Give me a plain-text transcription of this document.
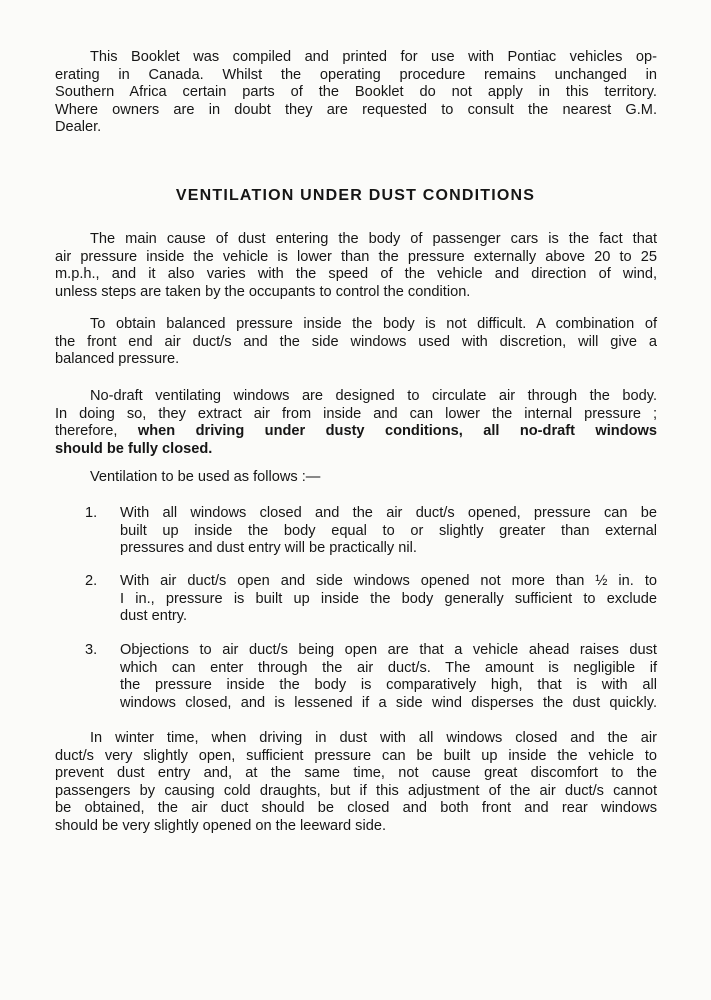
This Booklet was compiled and printed for use with Pontiac vehicles op-
erating in Canada. Whilst the operating procedure remains unchanged in
Southern Africa certain parts of the Booklet do not apply in this territory.
Where owners are in doubt they are requested to consult the nearest G.M.
Dealer.
VENTILATION UNDER DUST CONDITIONS
The main cause of dust entering the body of passenger cars is the fact that
air pressure inside the vehicle is lower than the pressure externally above 20 to 25
m.p.h., and it also varies with the speed of the vehicle and direction of wind,
unless steps are taken by the occupants to control the condition.
To obtain balanced pressure inside the body is not difficult. A combination of
the front end air duct/s and the side windows used with discretion, will give a
balanced pressure.
No-draft ventilating windows are designed to circulate air through the body.
In doing so, they extract air from inside and can lower the internal pressure ;
therefore, when driving under dusty conditions, all no-draft windows
should be fully closed.
Ventilation to be used as follows :—
1. With all windows closed and the air duct/s opened, pressure can be
built up inside the body equal to or slightly greater than external
pressures and dust entry will be practically nil.
2. With air duct/s open and side windows opened not more than ½ in. to
I in., pressure is built up inside the body generally sufficient to exclude
dust entry.
3. Objections to air duct/s being open are that a vehicle ahead raises dust
which can enter through the air duct/s. The amount is negligible if
the pressure inside the body is comparatively high, that is with all
windows closed, and is lessened if a side wind disperses the dust quickly.
In winter time, when driving in dust with all windows closed and the air
duct/s very slightly open, sufficient pressure can be built up inside the vehicle to
prevent dust entry and, at the same time, not cause great discomfort to the
passengers by causing cold draughts, but if this adjustment of the air duct/s cannot
be obtained, the air duct should be closed and both front and rear windows
should be very slightly opened on the leeward side.
